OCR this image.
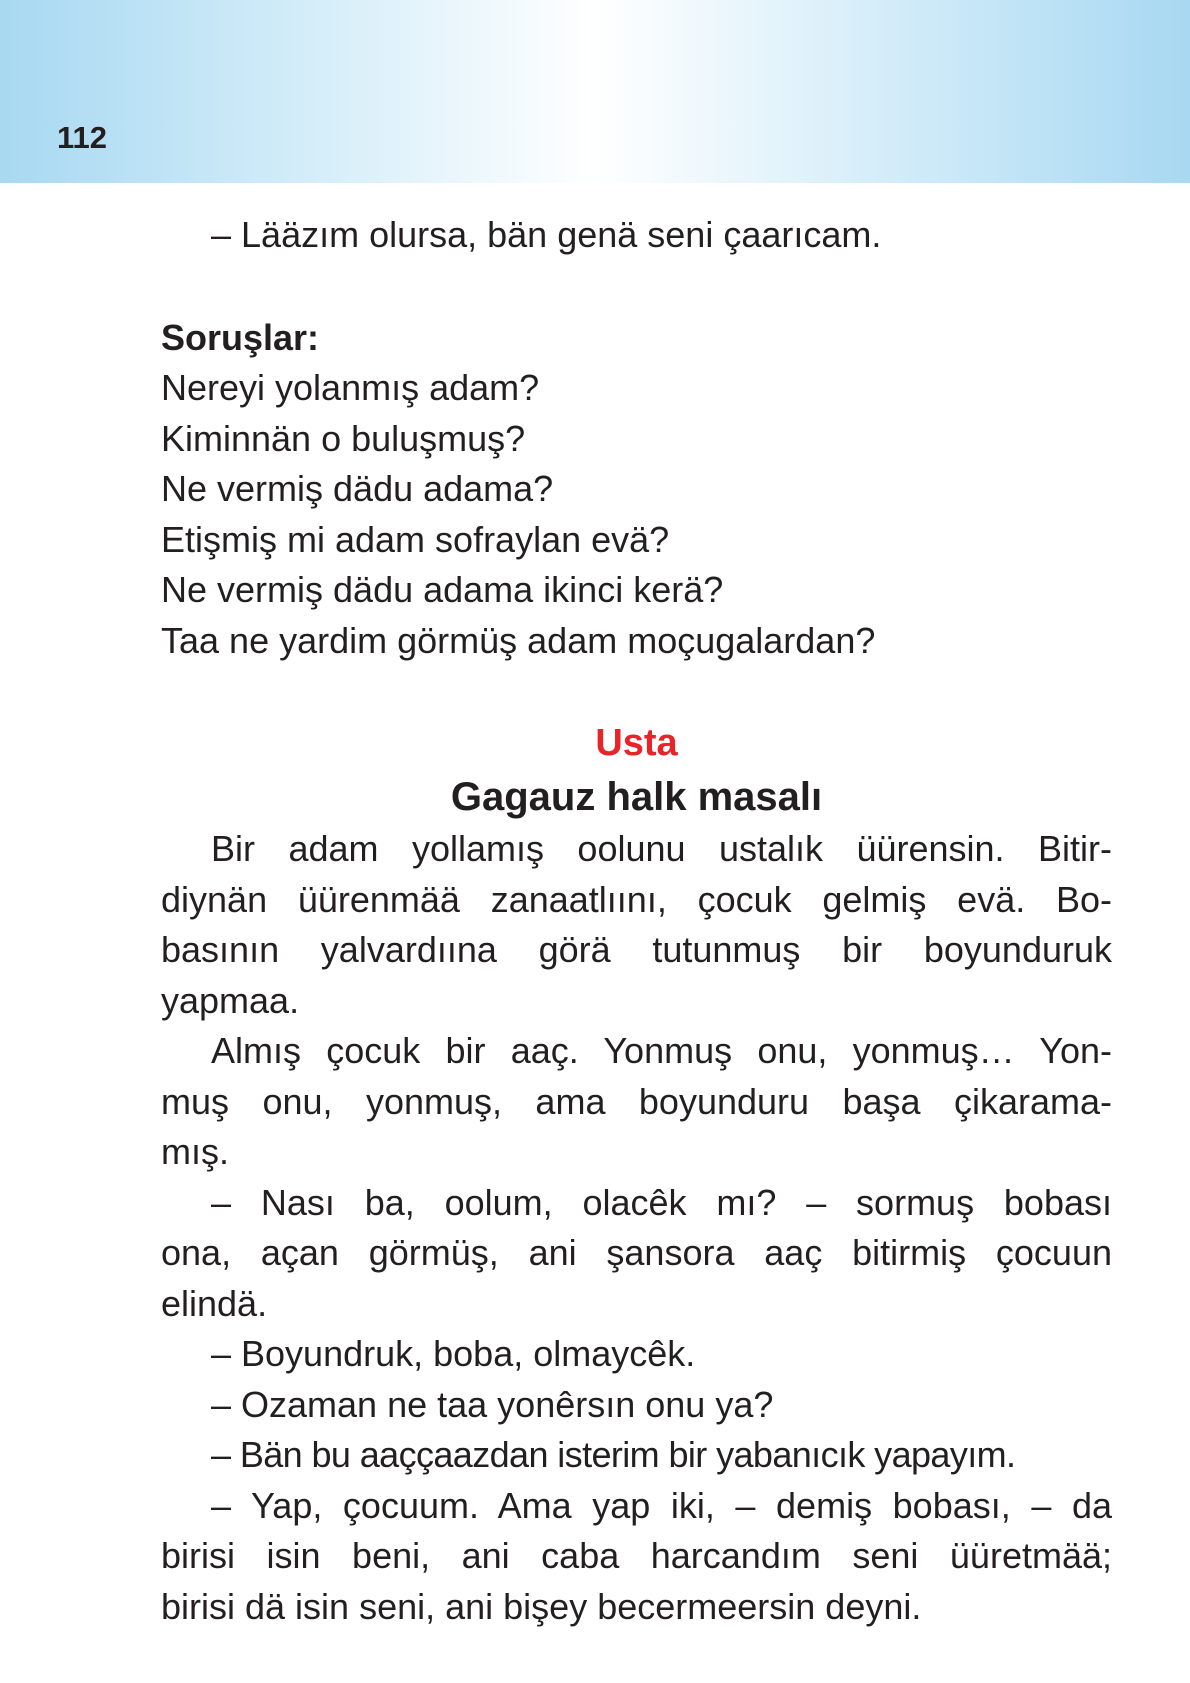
112

– Lääzım olursa, bän genä seni çaarıcam.

Soruşlar:

Nereyi yolanmış adam?

Kiminnän o buluşmuş?

Ne vermiş dädu adama?

Etişmiş mi adam sofraylan evä?

Ne vermiş dädu adama ikinci kerä?

Taa ne yardim görmüş adam moçugalardan?

Usta
Gagauz halk masalı

Bir adam yollamış oolunu ustalık üürensin. Bitir-
diynän üürenmää zanaatlıını, çocuk gelmiş evä. Bo-
basının yalvardıına görä tutunmuş bir boyunduruk
yapmaa.

Almış çocuk bir aaç. Yonmuş onu, yonmuş… Yon-
muş onu, yonmuş, ama boyunduru başa çikarama-
mış.

– Nası ba, oolum, olacêk mı? – sormuş bobası
ona, açan görmüş, ani şansora aaç bitirmiş çocuun
elindä.

– Boyundruk, boba, olmaycêk.

– Ozaman ne taa yonêrsın onu ya?

– Bän bu aaççaazdan isterim bir yabanıcık yapayım.

– Yap, çocuum. Ama yap iki, – demiş bobası, – da
birisi isin beni, ani caba harcandım seni üüretmää;
birisi dä isin seni, ani bişey becermeersin deyni.
